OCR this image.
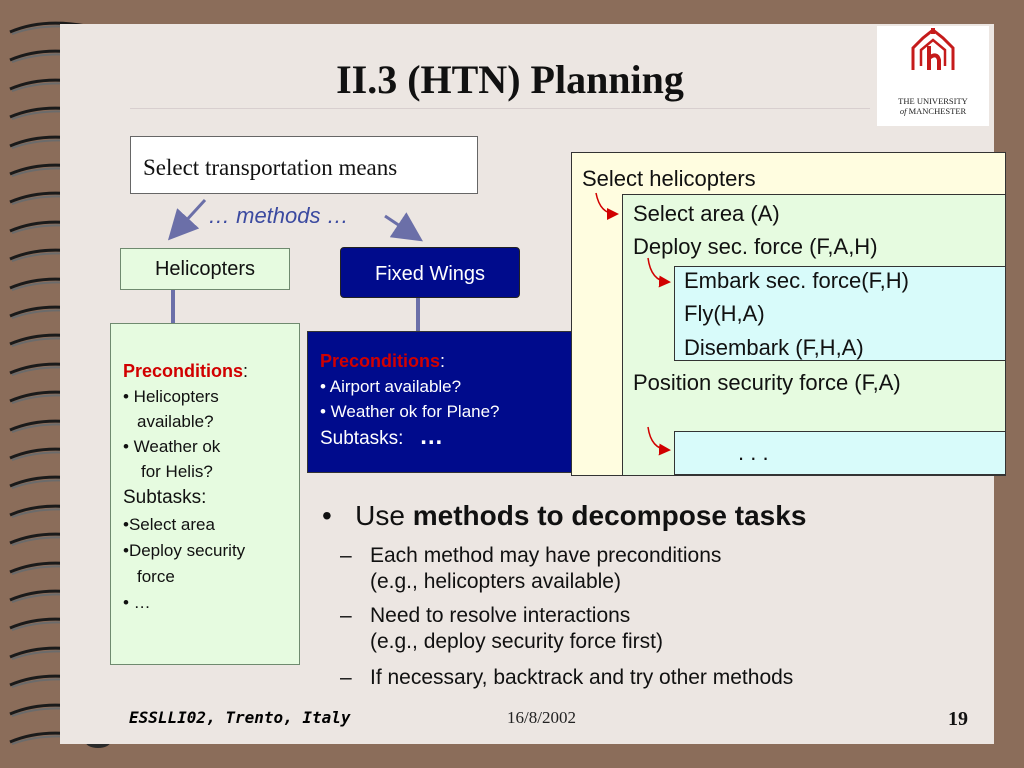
II.3 (HTN) Planning	THE UNIVERSITY
of MANCHESTER
Select transportation means
… methods …
Helicopters	Fixed Wings
Preconditions:
• Helicopters
available?
• Weather ok
for Helis?
Subtasks:
•Select area
•Deploy security
force
• …
Preconditions:
• Airport available?
• Weather ok for Plane?
Subtasks: …
Select helicopters
Select area (A)
Deploy sec. force (F,A,H)
Embark sec. force(F,H)
Fly(H,A)
Disembark (F,H,A)
Position security force (F,A)
. . .
• Use methods to decompose tasks
– Each method may have preconditions
(e.g., helicopters available)
– Need to resolve interactions
(e.g., deploy security force first)
– If necessary, backtrack and try other methods
ESSLLI02, Trento, Italy	16/8/2002	19
